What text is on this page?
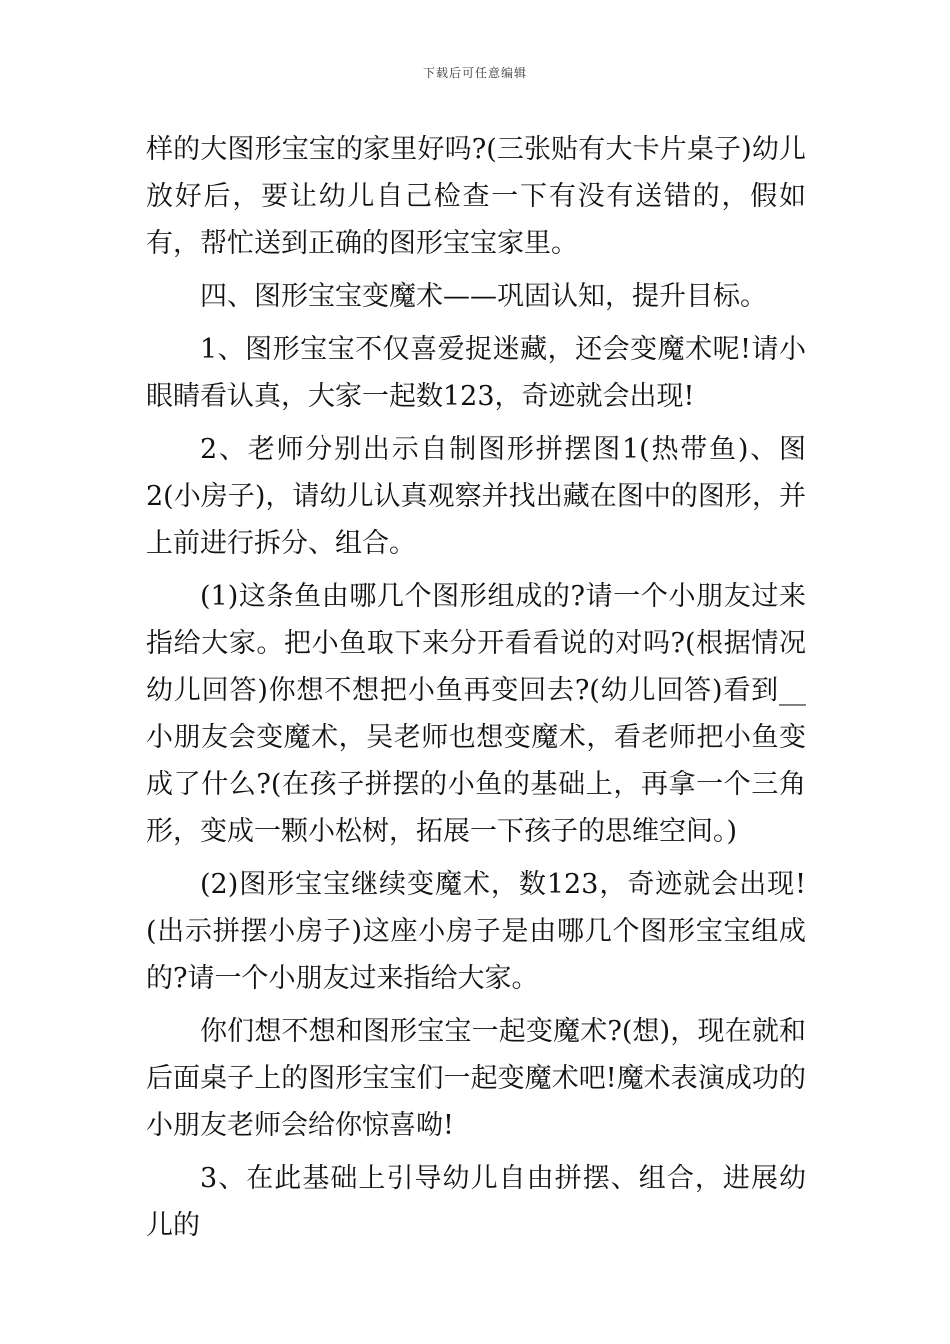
下载后可任意编辑

样的大图形宝宝的家里好吗?(三张贴有大卡片桌子)幼儿放好后，要让幼儿自己检查一下有没有送错的，假如有，帮忙送到正确的图形宝宝家里。

四、图形宝宝变魔术——巩固认知，提升目标。

1、图形宝宝不仅喜爱捉迷藏，还会变魔术呢!请小眼睛看认真，大家一起数123，奇迹就会出现!

2、老师分别出示自制图形拼摆图1(热带鱼)、图2(小房子)，请幼儿认真观察并找出藏在图中的图形，并上前进行拆分、组合。

(1)这条鱼由哪几个图形组成的?请一个小朋友过来指给大家。把小鱼取下来分开看看说的对吗?(根据情况幼儿回答)你想不想把小鱼再变回去?(幼儿回答)看到__小朋友会变魔术，吴老师也想变魔术，看老师把小鱼变成了什么?(在孩子拼摆的小鱼的基础上，再拿一个三角形，变成一颗小松树，拓展一下孩子的思维空间。)

(2)图形宝宝继续变魔术，数123，奇迹就会出现!(出示拼摆小房子)这座小房子是由哪几个图形宝宝组成的?请一个小朋友过来指给大家。

你们想不想和图形宝宝一起变魔术?(想)，现在就和后面桌子上的图形宝宝们一起变魔术吧!魔术表演成功的小朋友老师会给你惊喜呦!

3、在此基础上引导幼儿自由拼摆、组合，进展幼儿的
